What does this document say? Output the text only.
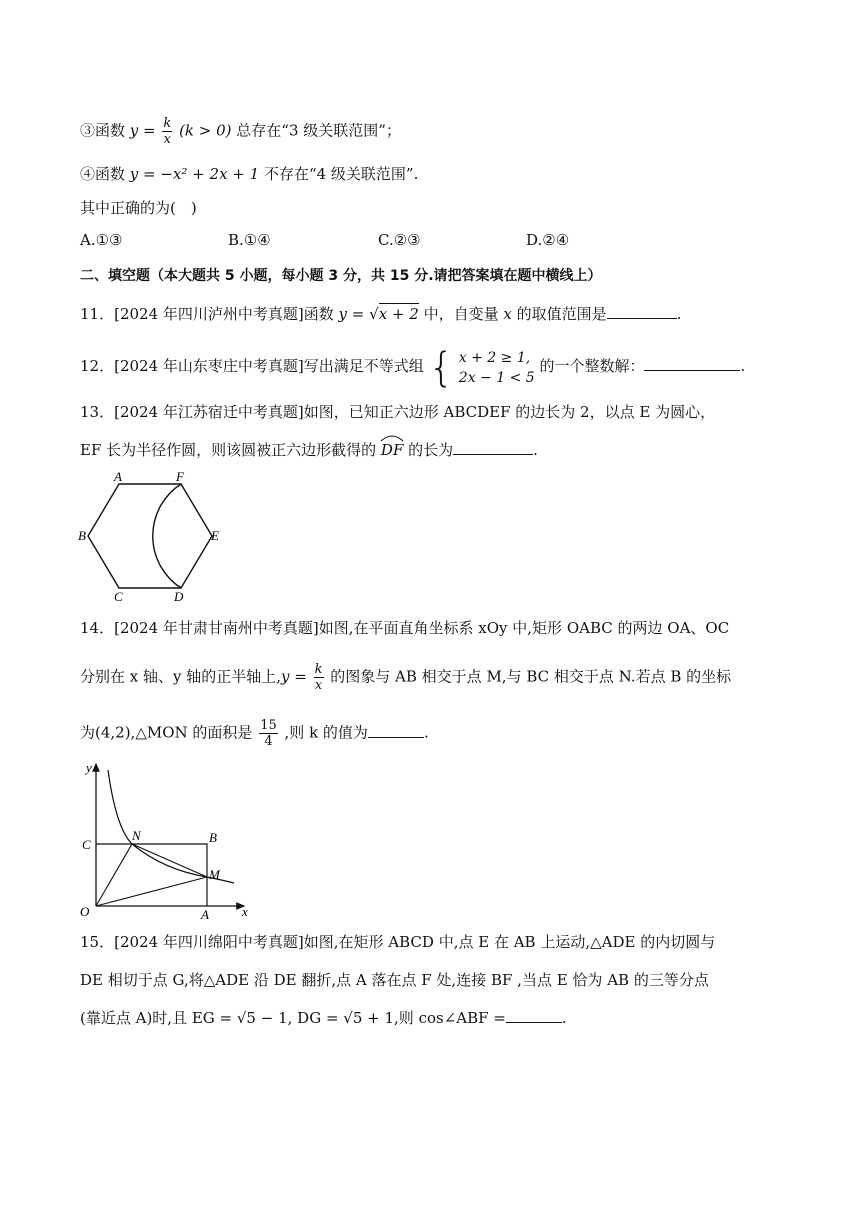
③函数 $y = \frac{k}{x} (k > 0)$ 总存在“3 级关联范围”；
④函数 y = −x² + 2x + 1 不存在“4 级关联范围”.
其中正确的为(　)
A.①③	B.①④	C.②③	D.②④
二、填空题（本大题共 5 小题，每小题 3 分，共 15 分.请把答案填在题中横线上）
11．[2024 年四川泸州中考真题]函数 y = √x + 2 中，自变量 x 的取值范围是	.
12．[2024 年山东枣庄中考真题]写出满足不等式组 { x + 2 ≥ 1,
2x − 1 < 5
的一个整数解：	.
13．[2024 年江苏宿迁中考真题]如图，已知正六边形 ABCDEF 的边长为 2，以点 E 为圆心，
EF 长为半径作圆，则该圆被正六边形截得的 DF 的长为	.
A	F
B	E
C	D
14．[2024 年甘肃甘南州中考真题]如图,在平面直角坐标系 xOy 中,矩形 OABC 的两边 OA、OC
分别在 x 轴、y 轴的正半轴上$,y = \frac{k}{x}$ 的图象与 AB 相交于点 M,与 BC 相交于点 N.若点 B 的坐标
为(4,2),△MON 的面积是 $\frac{15}{4}$ ,则 k 的值为	.
y
x
O	A
B
C
N
M
15．[2024 年四川绵阳中考真题]如图,在矩形 ABCD 中,点 E 在 AB 上运动,△ADE 的内切圆与
DE 相切于点 G,将△ADE 沿 DE 翻折,点 A 落在点 F 处,连接 BF ,当点 E 恰为 AB 的三等分点
(靠近点 A)时,且 EG = √5 − 1, DG = √5 + 1,则 cos∠ABF =	.
